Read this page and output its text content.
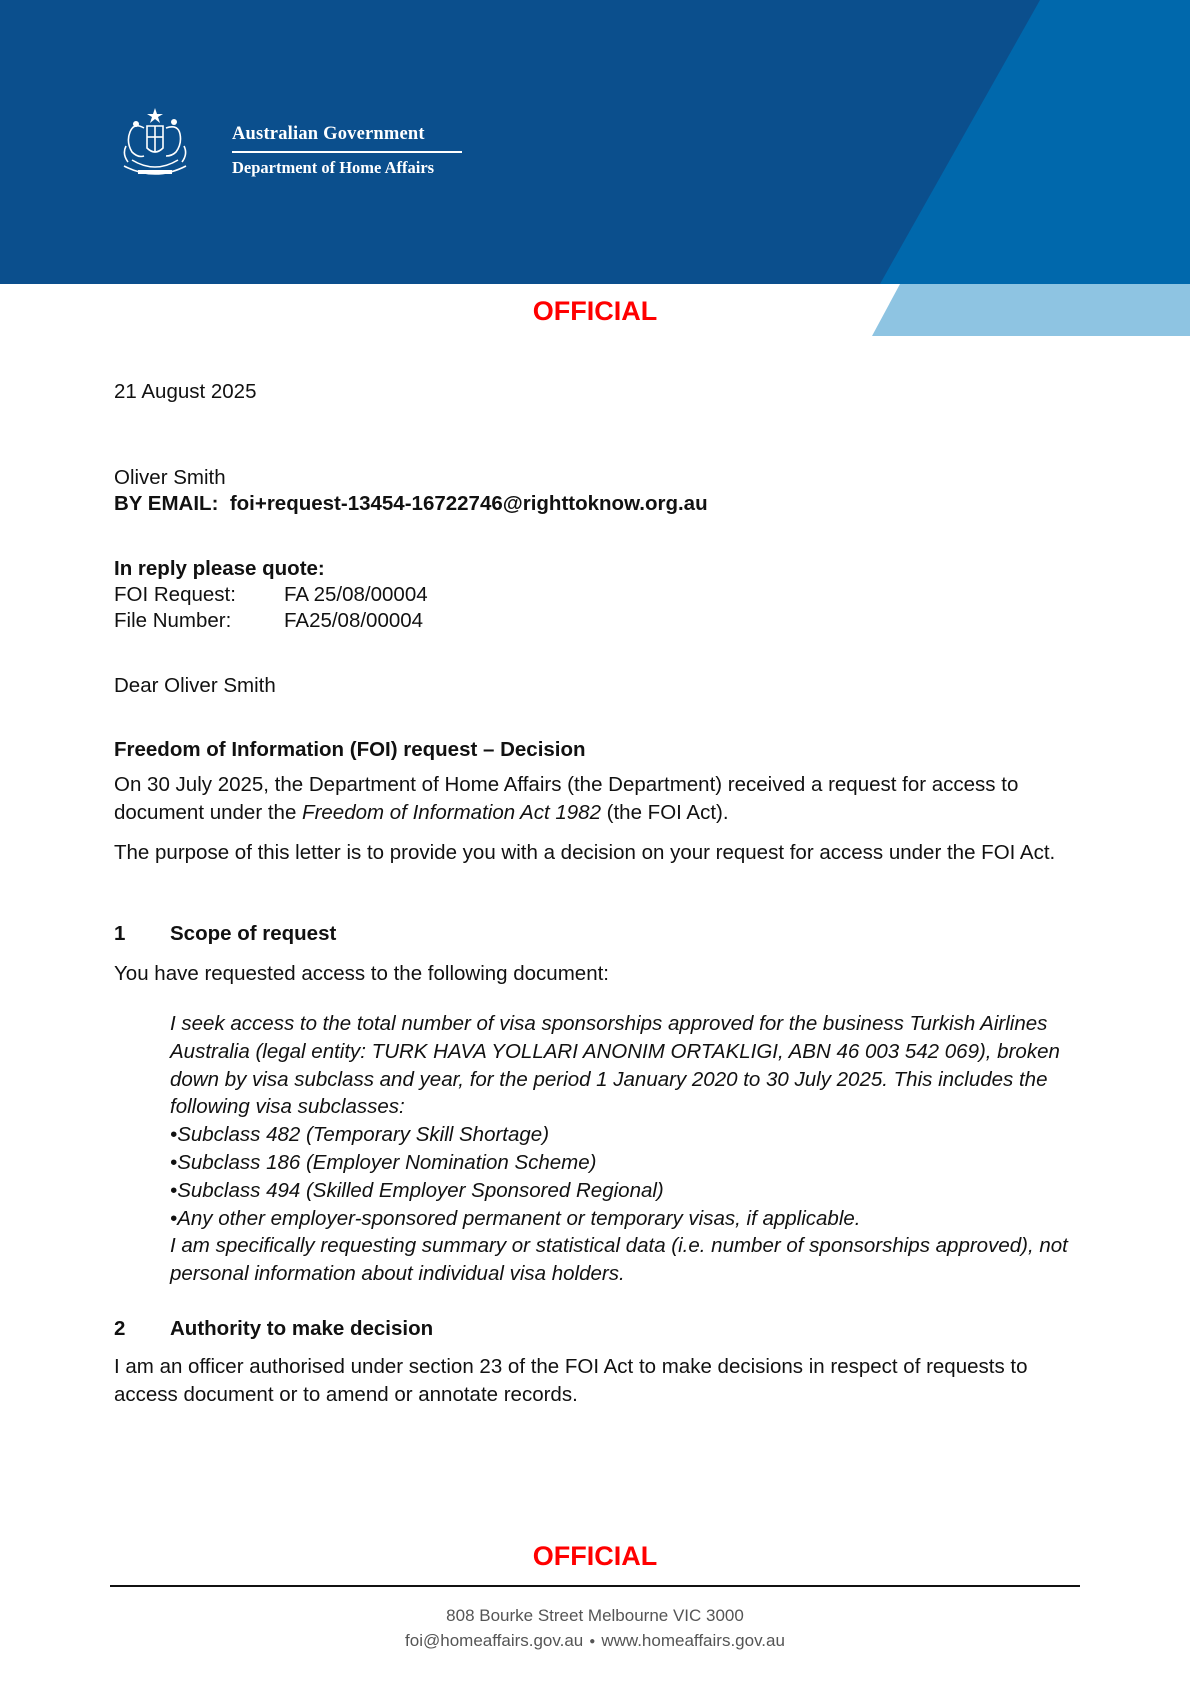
Australian Government
Department of Home Affairs
OFFICIAL
21 August 2025
Oliver Smith
BY EMAIL: foi+request-13454-16722746@righttoknow.org.au
In reply please quote:
FOI Request: FA 25/08/00004
File Number:	FA25/08/00004
Dear Oliver Smith
Freedom of Information (FOI) request – Decision

On 30 July 2025, the Department of Home Affairs (the Department) received a request for access to document under the Freedom of Information Act 1982 (the FOI Act).

The purpose of this letter is to provide you with a decision on your request for access under the FOI Act.

1 Scope of request
You have requested access to the following document:

I seek access to the total number of visa sponsorships approved for the business Turkish Airlines Australia (legal entity: TURK HAVA YOLLARI ANONIM ORTAKLIGI, ABN 46 003 542 069), broken down by visa subclass and year, for the period 1 January 2020 to 30 July 2025. This includes the following visa subclasses:

• Subclass 482 (Temporary Skill Shortage)
• Subclass 186 (Employer Nomination Scheme)
• Subclass 494 (Skilled Employer Sponsored Regional)
• Any other employer-sponsored permanent or temporary visas, if applicable.

I am specifically requesting summary or statistical data (i.e. number of sponsorships approved), not personal information about individual visa holders.

2 Authority to make decision

I am an officer authorised under section 23 of the FOI Act to make decisions in respect of requests to access document or to amend or annotate records.

OFFICIAL
808 Bourke Street Melbourne VIC 3000
foi@homeaffairs.gov.au ● www.homeaffairs.gov.au
